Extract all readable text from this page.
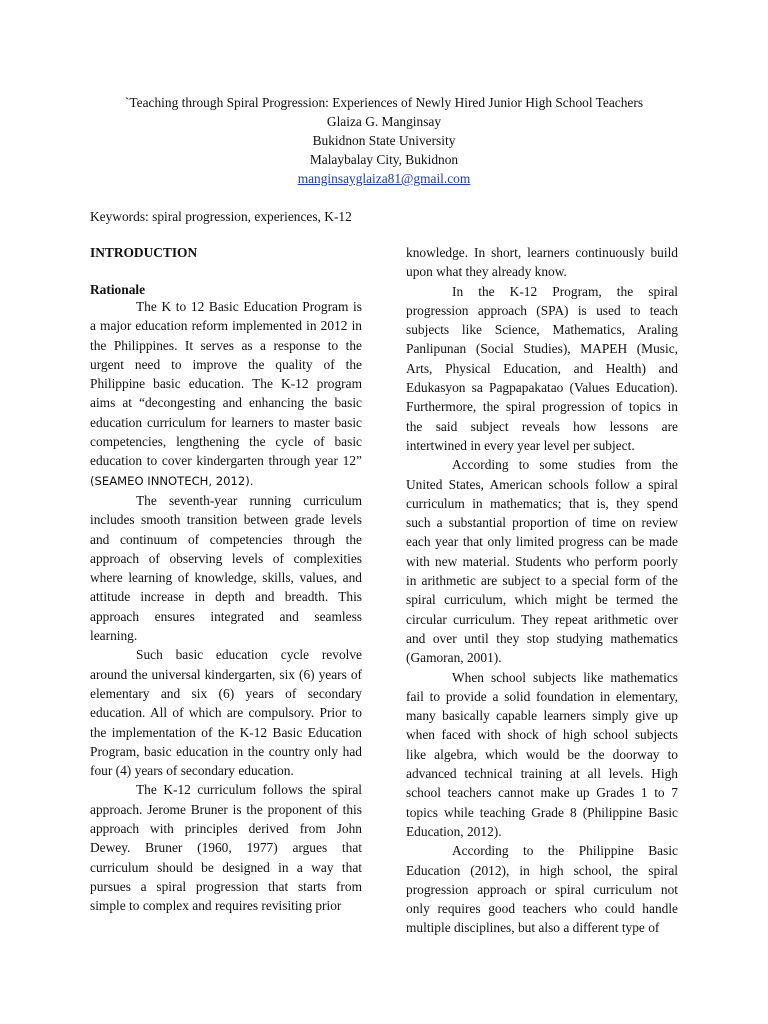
`Teaching through Spiral Progression: Experiences of Newly Hired Junior High School Teachers
Glaiza G. Manginsay
Bukidnon State University
Malaybalay City, Bukidnon
manginsayglaiza81@gmail.com
Keywords: spiral progression, experiences, K-12
INTRODUCTION
Rationale

The K to 12 Basic Education Program is a major education reform implemented in 2012 in the Philippines. It serves as a response to the urgent need to improve the quality of the Philippine basic education. The K-12 program aims at “decongesting and enhancing the basic education curriculum for learners to master basic competencies, lengthening the cycle of basic education to cover kindergarten through year 12” (SEAMEO INNOTECH, 2012).

The seventh-year running curriculum includes smooth transition between grade levels and continuum of competencies through the approach of observing levels of complexities where learning of knowledge, skills, values, and attitude increase in depth and breadth. This approach ensures integrated and seamless learning.

Such basic education cycle revolve around the universal kindergarten, six (6) years of elementary and six (6) years of secondary education. All of which are compulsory. Prior to the implementation of the K-12 Basic Education Program, basic education in the country only had four (4) years of secondary education.

The K-12 curriculum follows the spiral approach. Jerome Bruner is the proponent of this approach with principles derived from John Dewey. Bruner (1960, 1977) argues that curriculum should be designed in a way that pursues a spiral progression that starts from simple to complex and requires revisiting prior

knowledge. In short, learners continuously build upon what they already know.

In the K-12 Program, the spiral progression approach (SPA) is used to teach subjects like Science, Mathematics, Araling Panlipunan (Social Studies), MAPEH (Music, Arts, Physical Education, and Health) and Edukasyon sa Pagpapakatao (Values Education). Furthermore, the spiral progression of topics in the said subject reveals how lessons are intertwined in every year level per subject.

According to some studies from the United States, American schools follow a spiral curriculum in mathematics; that is, they spend such a substantial proportion of time on review each year that only limited progress can be made with new material. Students who perform poorly in arithmetic are subject to a special form of the spiral curriculum, which might be termed the circular curriculum. They repeat arithmetic over and over until they stop studying mathematics (Gamoran, 2001).

When school subjects like mathematics fail to provide a solid foundation in elementary, many basically capable learners simply give up when faced with shock of high school subjects like algebra, which would be the doorway to advanced technical training at all levels. High school teachers cannot make up Grades 1 to 7 topics while teaching Grade 8 (Philippine Basic Education, 2012).

According to the Philippine Basic Education (2012), in high school, the spiral progression approach or spiral curriculum not only requires good teachers who could handle multiple disciplines, but also a different type of
